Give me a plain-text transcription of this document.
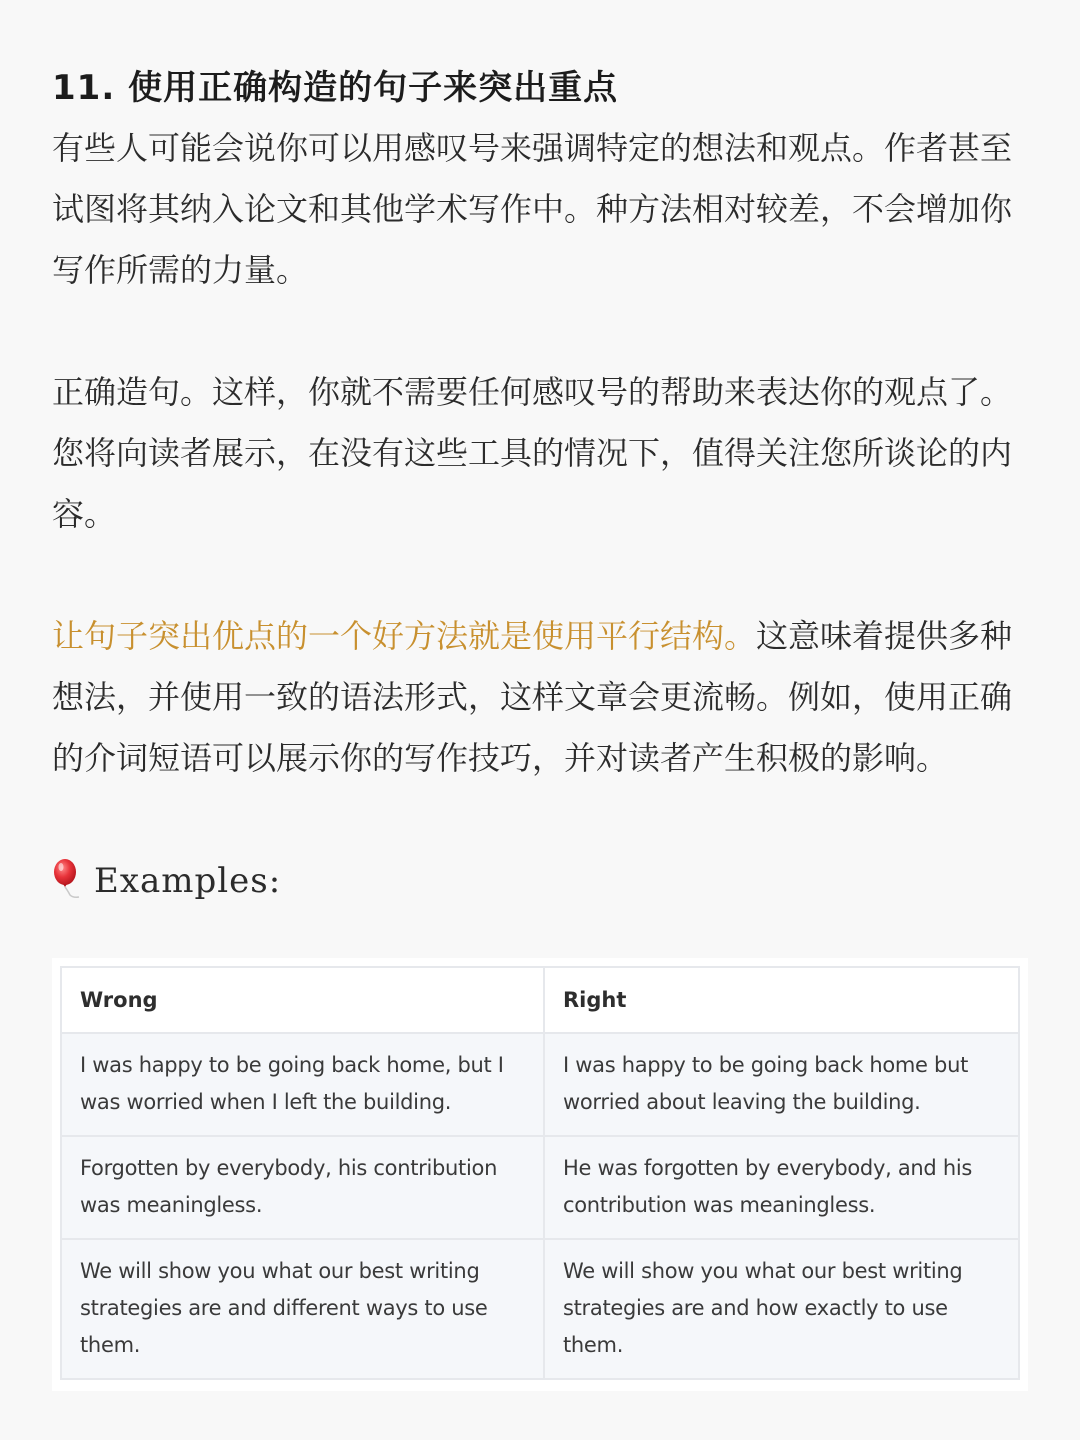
11. 使用正确构造的句子来突出重点

有些人可能会说你可以用感叹号来强调特定的想法和观点。作者甚至试图将其纳入论文和其他学术写作中。种方法相对较差，不会增加你写作所需的力量。

正确造句。这样，你就不需要任何感叹号的帮助来表达你的观点了。您将向读者展示，在没有这些工具的情况下，值得关注您所谈论的内容。

让句子突出优点的一个好方法就是使用平行结构。这意味着提供多种想法，并使用一致的语法形式，这样文章会更流畅。例如，使用正确的介词短语可以展示你的写作技巧，并对读者产生积极的影响。

Examples:
Wrong	Right
I was happy to be going back home, but I was worried when I left the building.	I was happy to be going back home but worried about leaving the building.
Forgotten by everybody, his contribution was meaningless.	He was forgotten by everybody, and his contribution was meaningless.
We will show you what our best writing strategies are and different ways to use them.	We will show you what our best writing strategies are and how exactly to use them.
